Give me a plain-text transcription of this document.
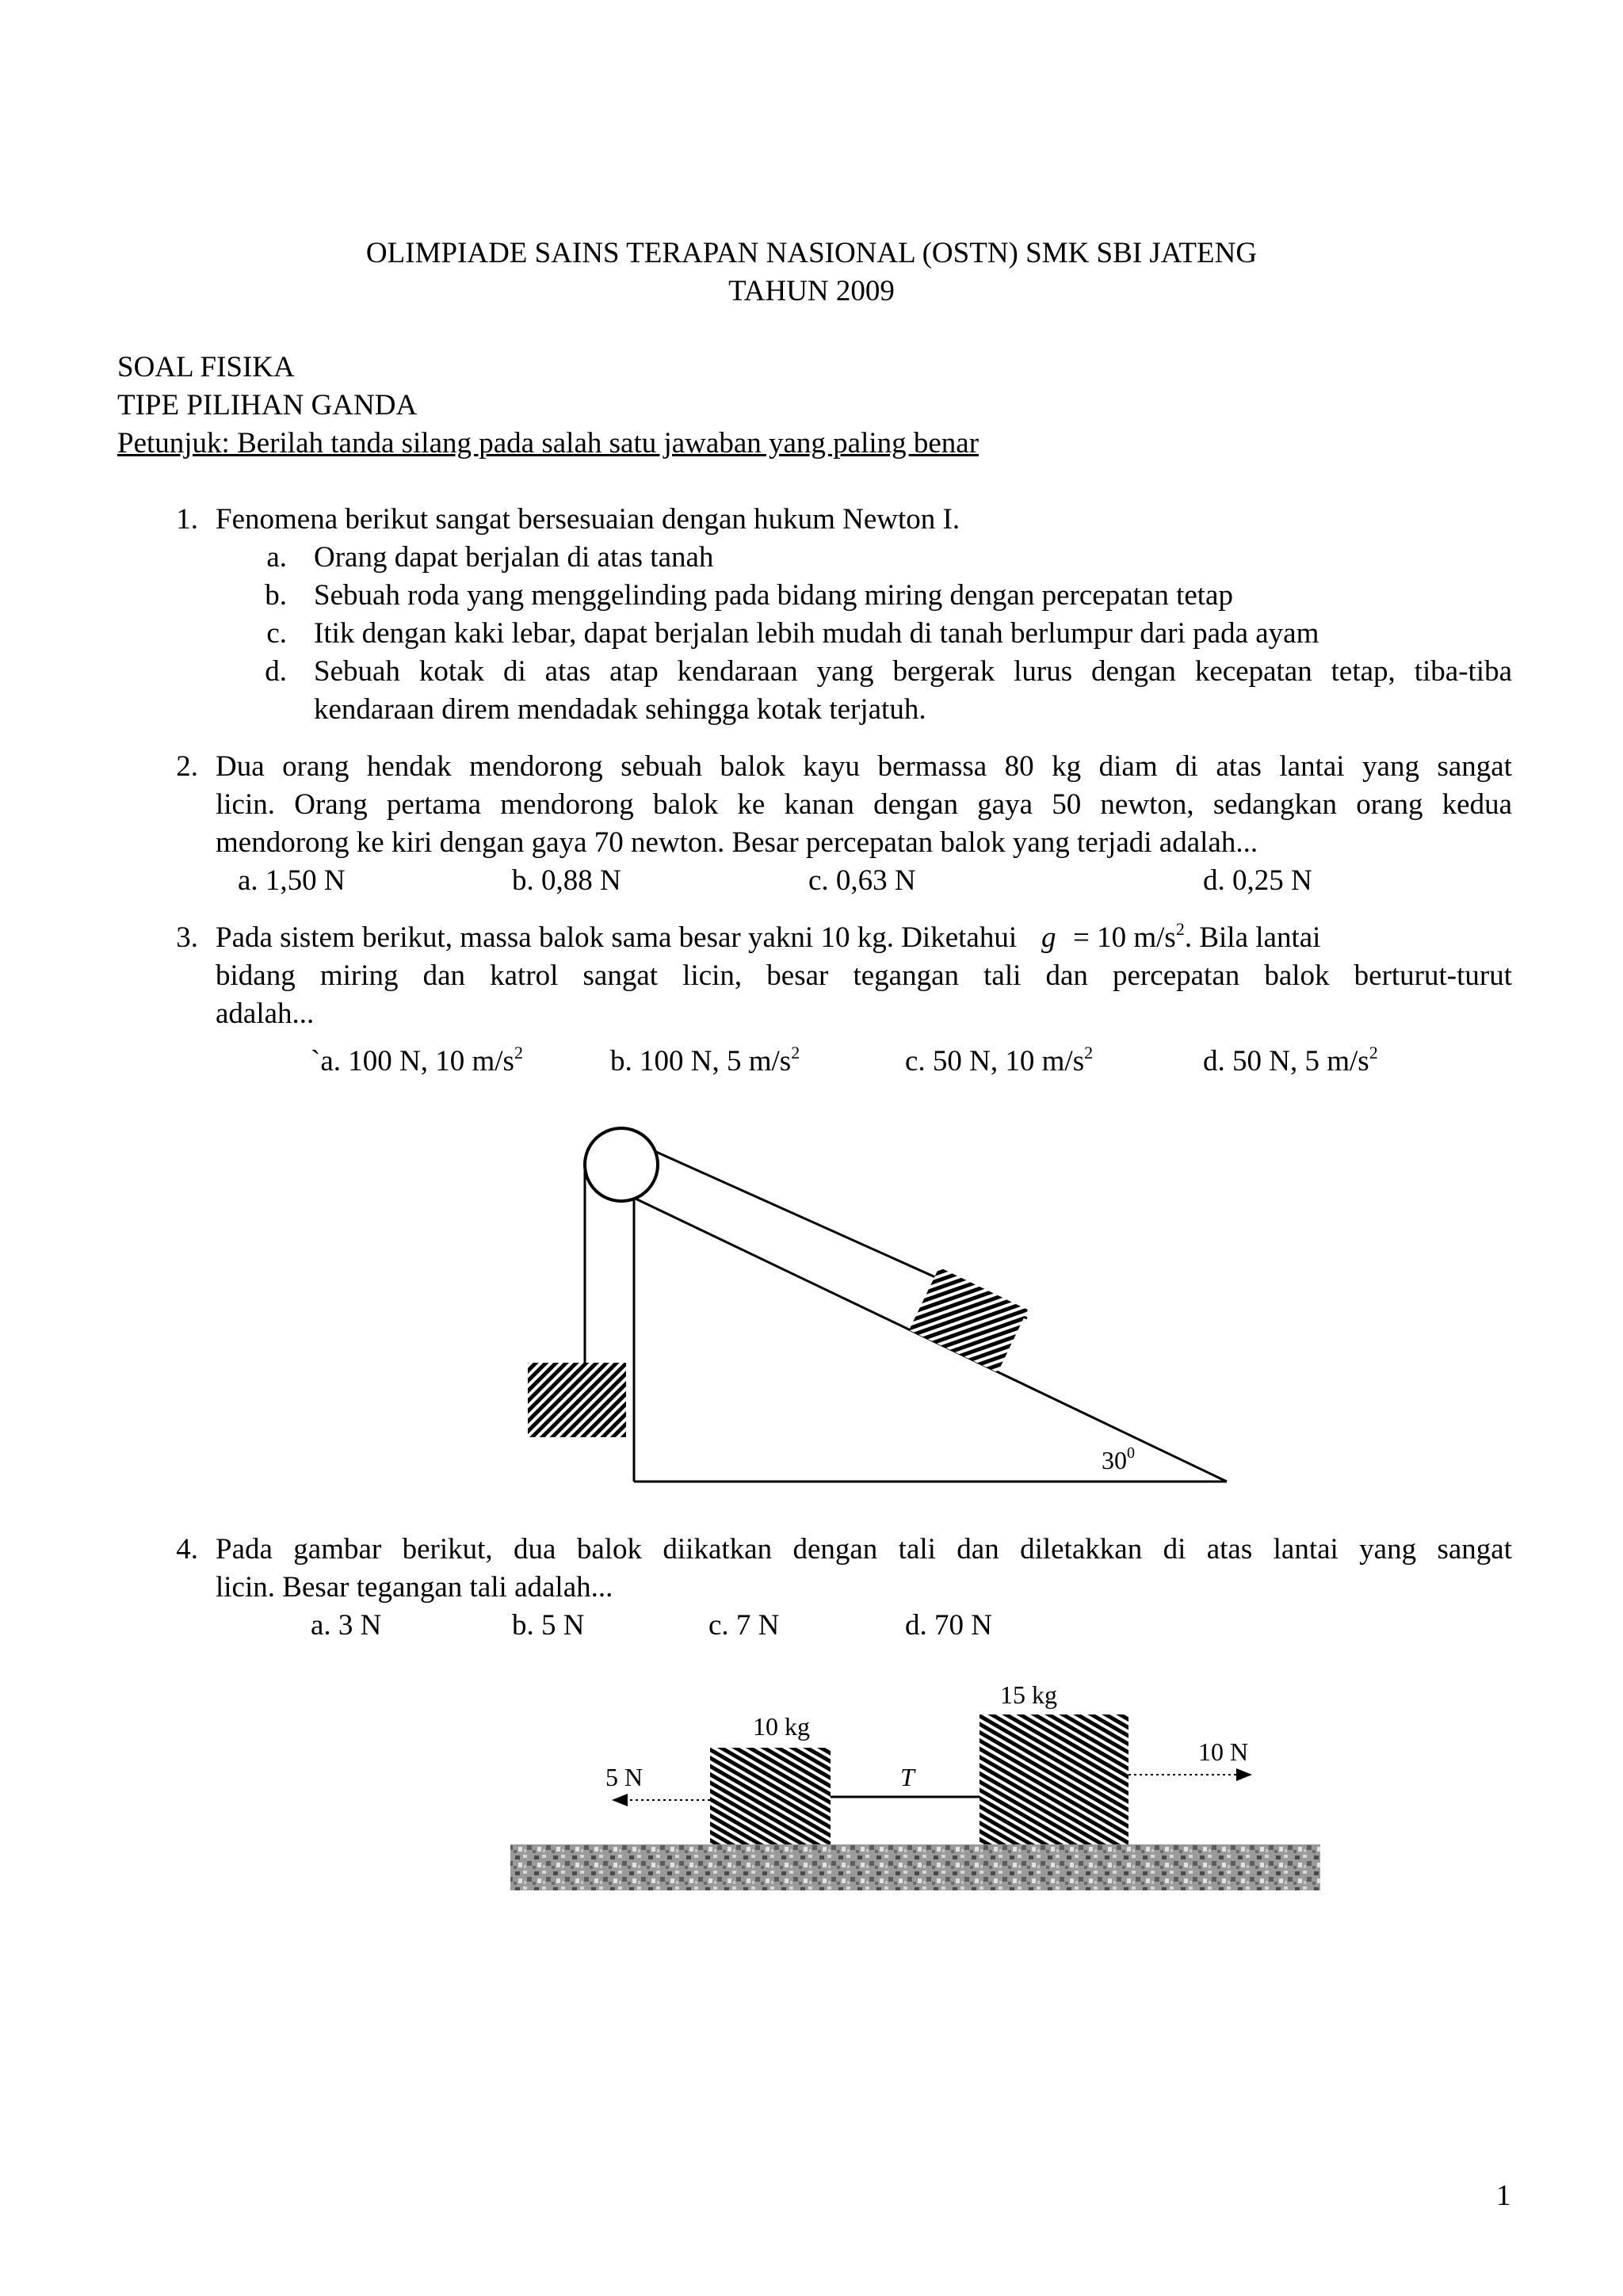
OLIMPIADE SAINS TERAPAN NASIONAL (OSTN) SMK SBI JATENG
TAHUN 2009
SOAL FISIKA
TIPE PILIHAN GANDA
Petunjuk: Berilah tanda silang pada salah satu jawaban yang paling benar
1. Fenomena berikut sangat bersesuaian dengan hukum Newton I.
a. Orang dapat berjalan di atas tanah
b. Sebuah roda yang menggelinding pada bidang miring dengan percepatan tetap
c. Itik dengan kaki lebar, dapat berjalan lebih mudah di tanah berlumpur dari pada ayam
d. Sebuah kotak di atas atap kendaraan yang bergerak lurus dengan kecepatan tetap, tiba-tiba
kendaraan direm mendadak sehingga kotak terjatuh.
2. Dua orang hendak mendorong sebuah balok kayu bermassa 80 kg diam di atas lantai yang sangat
licin. Orang pertama mendorong balok ke kanan dengan gaya 50 newton, sedangkan orang kedua
mendorong ke kiri dengan gaya 70 newton. Besar percepatan balok yang terjadi adalah...
a. 1,50 N	b. 0,88 N	c. 0,63 N	d. 0,25 N
3. Pada sistem berikut, massa balok sama besar yakni 10 kg. Diketahui g = 10 $m/s^2$. Bila lantai
bidang miring dan katrol sangat licin, besar tegangan tali dan percepatan balok berturut-turut
adalah...
`a. 100 N, 10 $m/s^2$	b. 100 N, 5 $m/s^2$	c. 50 N, 10 $m/s^2$	d. 50 N, 5 $m/s^2$
$30^0$
4. Pada gambar berikut, dua balok diikatkan dengan tali dan diletakkan di atas lantai yang sangat
licin. Besar tegangan tali adalah...
a. 3 N	b. 5 N	c. 7 N	d. 70 N
10 kg
15 kg
5 N
10 N
T
1
